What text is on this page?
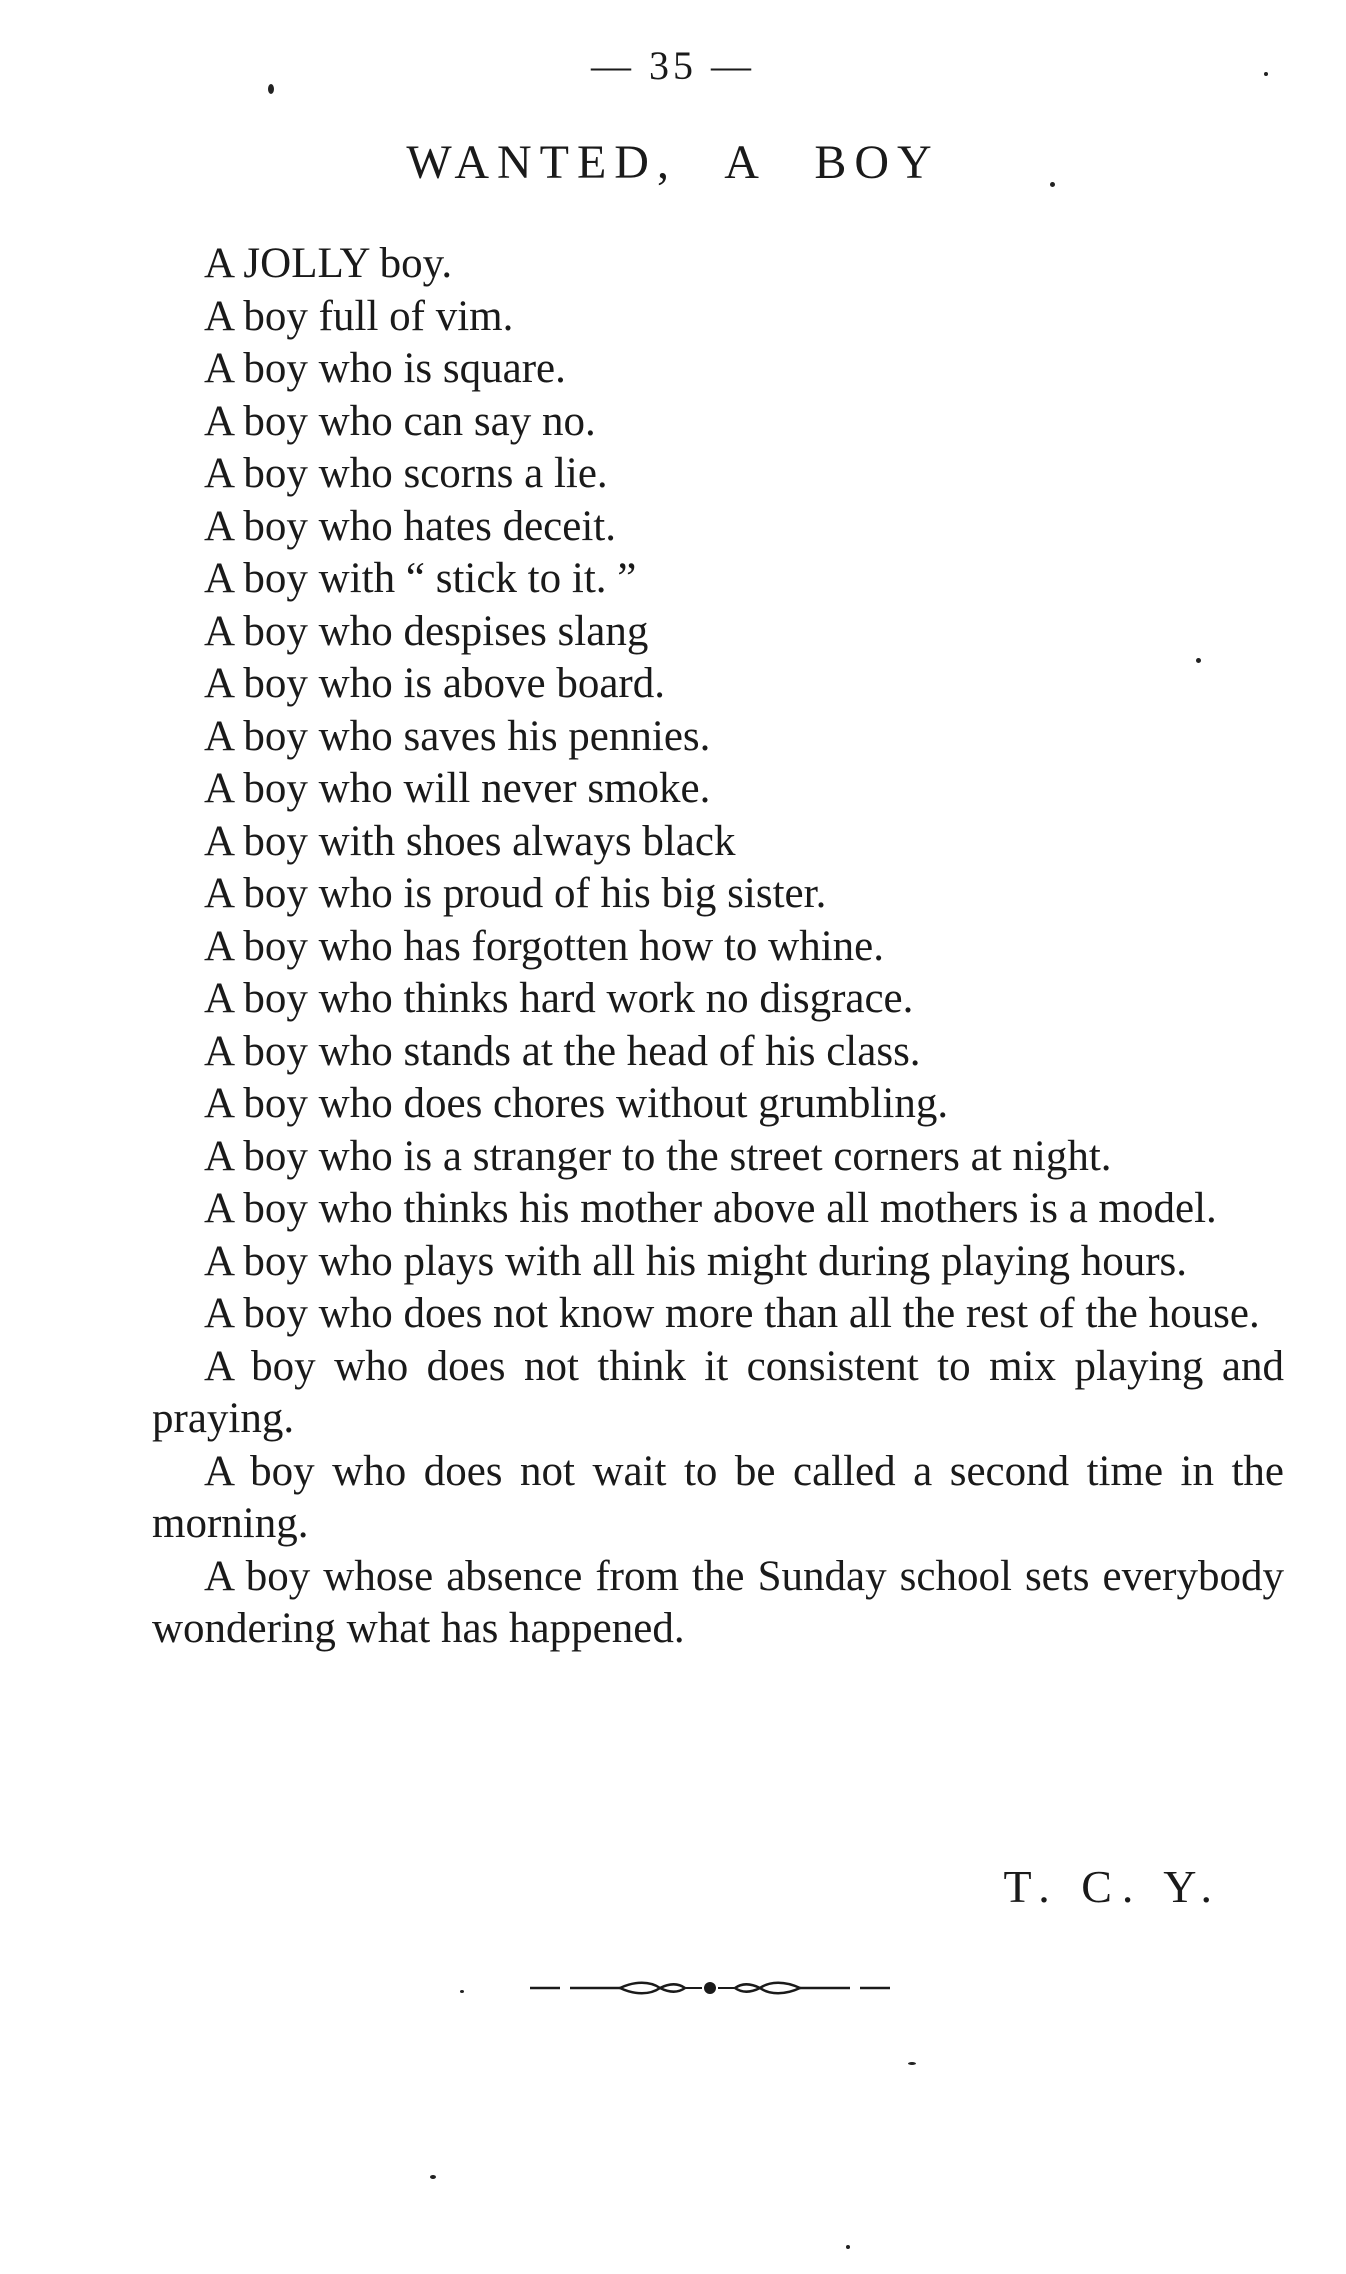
— 35 —
WANTED, A BOY
A JOLLY boy.
A boy full of vim.
A boy who is square.
A boy who can say no.
A boy who scorns a lie.
A boy who hates deceit.
A boy with “ stick to it. ”
A boy who despises slang
A boy who is above board.
A boy who saves his pennies.
A boy who will never smoke.
A boy with shoes always black
A boy who is proud of his big sister.
A boy who has forgotten how to whine.
A boy who thinks hard work no disgrace.
A boy who stands at the head of his class.
A boy who does chores without grumbling.
A boy who is a stranger to the street corners at night.
A boy who thinks his mother above all mothers is a model.
A boy who plays with all his might during playing hours.
A boy who does not know more than all the rest of the house.
A boy who does not think it consistent to mix playing and praying.
A boy who does not wait to be called a second time in the morning.
A boy whose absence from the Sunday school sets everybody wondering what has happened.
T. C. Y.
